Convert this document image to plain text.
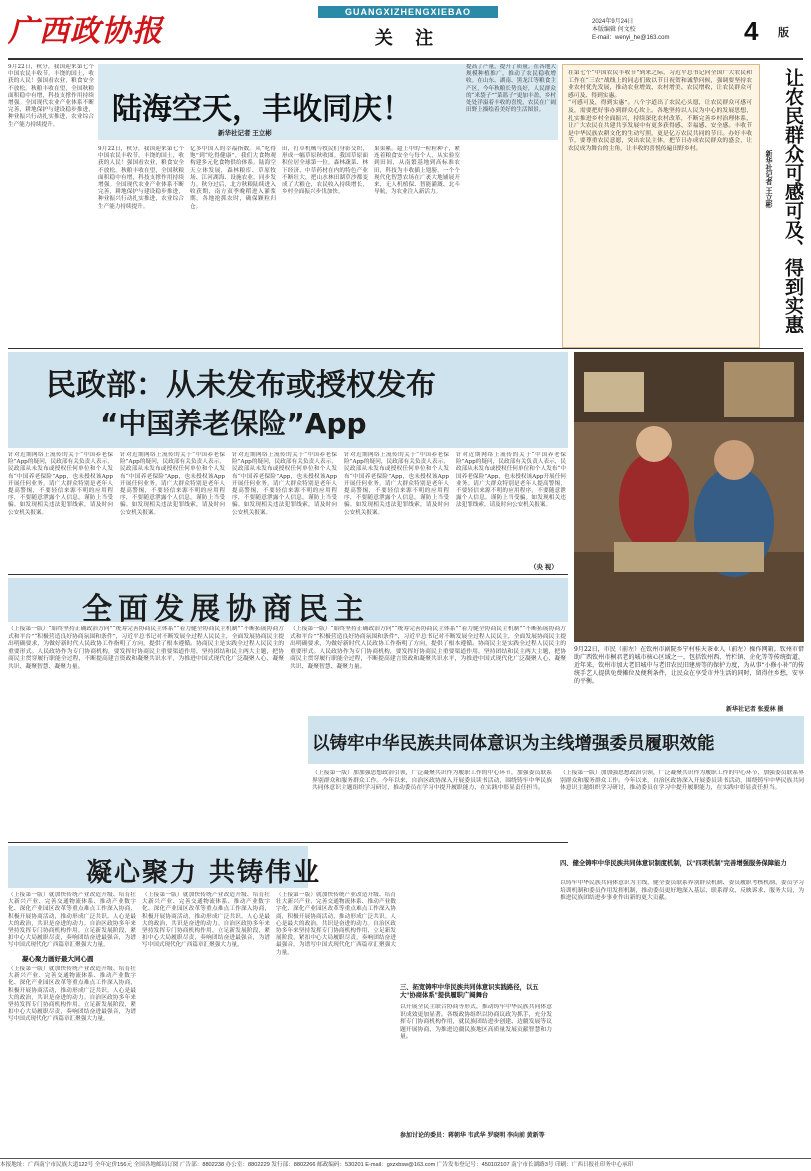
广西政协报
GUANGXIZHENGXIEBAO
关 注
2024年9月24日
本版编辑 何文校
E-mail：wenyi_he@163.com	4 版
陆海空天，丰收同庆！
新华社记者 王立彬
9月22日，秋分，我国迎来第七个中国农民丰收节。丰饶的国土，收获的人民！强国看农业，粮食安全不放松。秋粮丰收在望，全国秋粮面积稳中有增，科技支撑作用持续增强。全国现代农业产业体系不断完善，耕地保护与建设稳步推进，种业振兴行动扎实推进，农业综合生产能力持续提升。
9月22日，秋分，我国迎来第七个中国农民丰收节。丰饶的国土，收获的人民！强国看农业，粮食安全不放松。秋粮丰收在望，全国秋粮面积稳中有增，科技支撑作用持续增强。全国现代农业产业体系不断完善，耕地保护与建设稳步推进，种业振兴行动扎实推进，农业综合生产能力持续提升。
亿多中国人的幸福指数。从“吃得饱”到“吃得健康”，我们大食物观构建多元化食物供给体系。陆海空天立体发展，森林粮库、草原牧场、江河湖海、设施农业，同步发力。秋分过后，北方秋粮陆续进入收获期，南方双季晚稻进入灌浆期，各地抢抓农时，确保颗粒归仓。
田，打草机械与牧民们身影交织，形成一幅草原秋收图。我国草原面积位居全球第一位。森林蔬菜、林下经济、中草药材在内的特色产业不断壮大，把山水林田湖草沙都变成了大粮仓，农民收入持续增长，乡村全面振兴步伐加快。
果果累。超上中的一粒粒种子，紧连着粮食安全与每个人，从实验室到田间，从南繁基地到高标准农田，科技为丰收插上翅膀。一个个现代化智慧农场在广袤大地铺展开来，无人机植保、智能灌溉、北斗导航，为农业注入新活力。
提高了产量，提升了质量。在各地大规模种植推广，推动了农民稳收增收。在山东、湖南、黑龙江等粮食主产区，今年秋粮长势良好，人民群众的“米袋子”“菜篮子”更加丰盈，乡村处处洋溢着丰收的喜悦，农民在广阔田野上描绘着美好的生活图景。
在第七个“中国农民丰收节”到来之际，习近平总书记向全国广大农民和工作在“三农”战线上的同志们致以节日祝贺和诚挚问候，强调要坚持农业农村优先发展，推动农业增效、农村增美、农民增收，让农民群众可感可及、得到实惠。
“可感可及，得到实惠”。八个字道出了农民心头愿，让农民群众可感可及，需要把好事办到群众心坎上。各地坚持以人民为中心的发展思想，扎实推进乡村全面振兴，持续深化农村改革，不断完善乡村治理体系，让广大农民在共建共享发展中有更多获得感、幸福感、安全感。丰收节是中华民族农耕文化的生动写照，更是亿万农民共同的节日。办好丰收节，要尊重农民意愿，突出农民主体，把节日办成农民群众的盛会，让农民成为舞台的主角，让丰收的喜悦传遍田野乡村。	让农民群众可感可及、得到实惠
新华社记者 王立彬
民政部：从未发布或授权发布
“中国养老保险”App
针对近期网络上流传的关于“中国养老保险”App的疑问，民政部有关负责人表示，民政部从未发布或授权任何单位和个人发布“中国养老保险”App，也未授权该App开展任何业务。请广大群众特别是老年人提高警惕，不要轻信来源不明的应用程序，不要随意泄露个人信息，谨防上当受骗。如发现相关违法犯罪线索，请及时向公安机关报案。
针对近期网络上流传的关于“中国养老保险”App的疑问，民政部有关负责人表示，民政部从未发布或授权任何单位和个人发布“中国养老保险”App，也未授权该App开展任何业务。请广大群众特别是老年人提高警惕，不要轻信来源不明的应用程序，不要随意泄露个人信息，谨防上当受骗。如发现相关违法犯罪线索，请及时向公安机关报案。
针对近期网络上流传的关于“中国养老保险”App的疑问，民政部有关负责人表示，民政部从未发布或授权任何单位和个人发布“中国养老保险”App，也未授权该App开展任何业务。请广大群众特别是老年人提高警惕，不要轻信来源不明的应用程序，不要随意泄露个人信息，谨防上当受骗。如发现相关违法犯罪线索，请及时向公安机关报案。
针对近期网络上流传的关于“中国养老保险”App的疑问，民政部有关负责人表示，民政部从未发布或授权任何单位和个人发布“中国养老保险”App，也未授权该App开展任何业务。请广大群众特别是老年人提高警惕，不要轻信来源不明的应用程序，不要随意泄露个人信息，谨防上当受骗。如发现相关违法犯罪线索，请及时向公安机关报案。
针对近期网络上流传的关于“中国养老保险”App的疑问，民政部有关负责人表示，民政部从未发布或授权任何单位和个人发布“中国养老保险”App，也未授权该App开展任何业务。请广大群众特别是老年人提高警惕，不要轻信来源不明的应用程序，不要随意泄露个人信息，谨防上当受骗。如发现相关违法犯罪线索，请及时向公安机关报案。
（央 视）
9月22日，市民（前左）在钦州市剧院乡宁村桂天茶业人（前左）操作网箱。钦州市借助广西钦州市桐君老的城市核心区域之一，包括钦州西、竹栏镇、企化等等传统街道，近年来，钦州市加大老旧城中与老旧农民旧建房等的保护力度，为从事“小修小补”的传统手艺人提供免费摊位及便利条件，让民众在享受市井生活的同时，留得住乡愁，安享的平衡。
新华社记者 张爱林 摄
全面发展协商民主
（上接第一版）“始终坚持正确政治方向”“统筹完善协商民主体系”“着力健全协商民主机制”“不断拓展协商方式和平台”“积极营造良好协商氛围和条件”，习近平总书记对不断发展全过程人民民主，全面发展协商民主提出明确要求，为做好新时代人民政协工作指明了方向，提供了根本遵循。协商民主是实践全过程人民民主的重要形式。人民政协作为专门协商机构，要发挥好协商民主重要渠道作用，坚持团结和民主两大主题，把协商民主贯穿履行职能全过程，不断提高建言资政和凝聚共识水平，为推进中国式现代化广泛凝聚人心、凝聚共识、凝聚智慧、凝聚力量。
（上接第一版）“始终坚持正确政治方向”“统筹完善协商民主体系”“着力健全协商民主机制”“不断拓展协商方式和平台”“积极营造良好协商氛围和条件”，习近平总书记对不断发展全过程人民民主，全面发展协商民主提出明确要求，为做好新时代人民政协工作指明了方向，提供了根本遵循。协商民主是实践全过程人民民主的重要形式。人民政协作为专门协商机构，要发挥好协商民主重要渠道作用，坚持团结和民主两大主题，把协商民主贯穿履行职能全过程，不断提高建言资政和凝聚共识水平，为推进中国式现代化广泛凝聚人心、凝聚共识、凝聚智慧、凝聚力量。
凝心聚力 共铸伟业
（上接第一版）就加快传统产业改造升级、培育壮大新兴产业、完善交通物流体系、推动产业数字化、深化产业园区改革等重点难点工作深入协商，积极开展协商活动，推动形成广泛共识。人心是最大的政治，共识是奋进的动力。自治区政协多年来坚持发挥专门协商机构作用，立足新发展阶段，紧扣中心大局履职尽责，奏响团结奋进最强音，为谱写中国式现代化广西篇章汇聚强大力量。
凝心聚力画好最大同心圆
（上接第一版）就加快传统产业改造升级、培育壮大新兴产业、完善交通物流体系、推动产业数字化、深化产业园区改革等重点难点工作深入协商，积极开展协商活动，推动形成广泛共识。人心是最大的政治，共识是奋进的动力。自治区政协多年来坚持发挥专门协商机构作用，立足新发展阶段，紧扣中心大局履职尽责，奏响团结奋进最强音，为谱写中国式现代化广西篇章汇聚强大力量。
（上接第一版）就加快传统产业改造升级、培育壮大新兴产业、完善交通物流体系、推动产业数字化、深化产业园区改革等重点难点工作深入协商，积极开展协商活动，推动形成广泛共识。人心是最大的政治，共识是奋进的动力。自治区政协多年来坚持发挥专门协商机构作用，立足新发展阶段，紧扣中心大局履职尽责，奏响团结奋进最强音，为谱写中国式现代化广西篇章汇聚强大力量。
（上接第一版）就加快传统产业改造升级、培育壮大新兴产业、完善交通物流体系、推动产业数字化、深化产业园区改革等重点难点工作深入协商，积极开展协商活动，推动形成广泛共识。人心是最大的政治，共识是奋进的动力。自治区政协多年来坚持发挥专门协商机构作用，立足新发展阶段，紧扣中心大局履职尽责，奏响团结奋进最强音，为谱写中国式现代化广西篇章汇聚强大力量。
以铸牢中华民族共同体意识为主线增强委员履职效能
（上接第一版）加加强思想政治引领，广泛凝聚共识作为履职工作的中心环节，加强委员联系界别群众和服务群众工作。今年以来，自治区政协深入开展委员读书活动，围绕铸牢中华民族共同体意识主题组织学习研讨，推动委员在学习中提升履职能力，在实践中彰显责任担当。
（上接第一版）加加强思想政治引领，广泛凝聚共识作为履职工作的中心环节，加强委员联系界别群众和服务群众工作。今年以来，自治区政协深入开展委员读书活动，围绕铸牢中华民族共同体意识主题组织学习研讨，推动委员在学习中提升履职能力，在实践中彰显责任担当。
三、拓宽铸牢中华民族共同体意识实践路径，以五大“协商体系”提供履职广阔舞台
以开展全民主联合协商等形式，推动铸牢中华民族共同体意识成效更加显著。各级政协组织以协商议政为抓手，充分发挥专门协商机构作用，就民族团结进步创建、边疆发展等议题开展协商，为推进边疆民族地区高质量发展贡献智慧和力量。
四、健全铸牢中华民族共同体意识制度机制，以“四项机制”完善增强服务保障能力
以铸牢中华民族共同体意识为主线，健全委员联系界别群众机制、委员履职考核机制、委员学习培训机制和委员作用发挥机制，推动委员更好地深入基层、联系群众、反映诉求、服务大局，为推进民族团结进步事业作出新的更大贡献。
参加讨论的委员：蒋朝华 韦武华 罗晓明 李向前 黄新等
本报地址：广西南宁市民族大道122号 全年定价156元 全国各地邮局订阅 广告部：8802238 办公室：8802229 发行部：8802266 邮政编码：530201 E-mail：gxzxbsw@163.com 广告发布登记号：450102107 南宁市长湖路3号 印刷：广西日报社印务中心承印
